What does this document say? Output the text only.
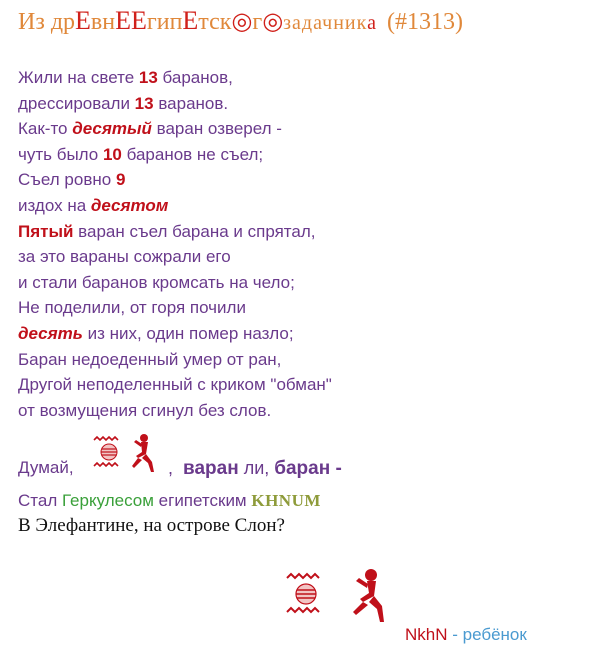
Из дрЕвнЕЕгипЕтск◎г◎задачника (#1313)
Жили на свете 13 баранов,
дрессировали 13 варанов.
Как-то десятый варан озверел -
чуть было 10 баранов не съел;
Съел ровно 9
издох на десятом
Пятый варан съел барана и спрятал,
за это вараны сожрали его
и стали баранов кромсать на чело;
Не поделили, от горя почили
десять из них, один помер назло;
Баран недоеденный умер от ран,
Другой неподеленный с криком "обман"
от возмущения сгинул без слов.
Думай,	, варан ли, баран -
Стал Геркулесом египетским KHNUM
В Элефантине, на острове Слон?
NkhN - ребёнок
